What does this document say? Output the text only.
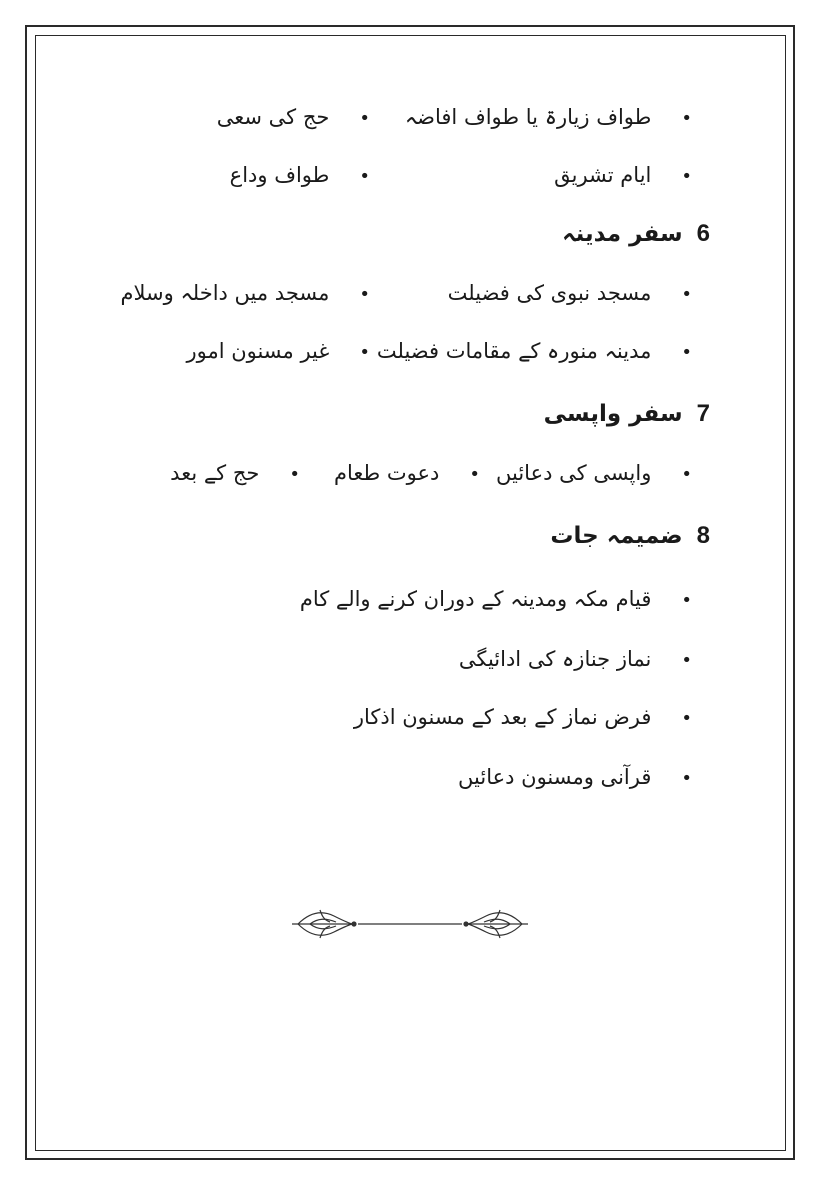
•طواف زیارۃ یا طواف افاضہ
•حج کی سعی
•ایام تشریق
•طواف وداع
6سفر مدینہ
•مسجد نبوی کی فضیلت
•مسجد میں داخلہ وسلام
•مدینہ منورہ کے مقامات فضیلت
•غیر مسنون امور
7سفر واپسی
•واپسی کی دعائیں
•دعوت طعام
•حج کے بعد
8ضمیمہ جات
•قیام مکہ ومدینہ کے دوران کرنے والے کام
•نماز جنازہ کی ادائیگی
•فرض نماز کے بعد کے مسنون اذکار
•قرآنی ومسنون دعائیں
